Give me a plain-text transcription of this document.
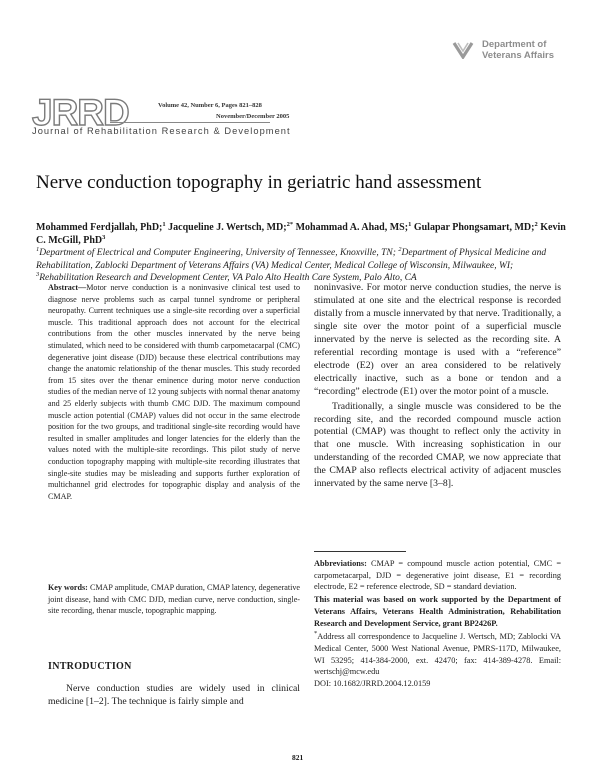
Department of
Veterans Affairs
JRRD	Volume 42, Number 6, Pages 821–828
November/December 2005
Journal of Rehabilitation Research & Development
Nerve conduction topography in geriatric hand assessment
Mohammed Ferdjallah, PhD;$^1$ Jacqueline J. Wertsch, MD;$^{2*}$ Mohammad A. Ahad, MS;$^1$ Gulapar Phongsamart, MD;$^2$ Kevin C. McGill, PhD$^3$
$^1$Department of Electrical and Computer Engineering, University of Tennessee, Knoxville, TN; $^2$Department of Physical Medicine and Rehabilitation, Zablocki Department of Veterans Affairs (VA) Medical Center, Medical College of Wisconsin, Milwaukee, WI; $^3$Rehabilitation Research and Development Center, VA Palo Alto Health Care System, Palo Alto, CA
Abstract—Motor nerve conduction is a noninvasive clinical test used to diagnose nerve problems such as carpal tunnel syndrome or peripheral neuropathy. Current techniques use a single-site recording over a superficial muscle. This traditional approach does not account for the electrical contributions from the other muscles innervated by the nerve being stimulated, which need to be considered with thumb carpometacarpal (CMC) degenerative joint disease (DJD) because these electrical contributions may change the anatomic relationship of the thenar muscles. This study recorded from 15 sites over the thenar eminence during motor nerve conduction studies of the median nerve of 12 young subjects with normal thenar anatomy and 25 elderly subjects with thumb CMC DJD. The maximum compound muscle action potential (CMAP) values did not occur in the same electrode position for the two groups, and traditional single-site recording would have resulted in smaller amplitudes and longer latencies for the elderly than the values noted with the multiple-site recordings. This pilot study of nerve conduction topography mapping with multiple-site recording illustrates that single-site studies may be misleading and supports further exploration of multichannel grid electrodes for topographic display and analysis of the CMAP.
Key words: CMAP amplitude, CMAP duration, CMAP latency, degenerative joint disease, hand with CMC DJD, median curve, nerve conduction, single-site recording, thenar muscle, topographic mapping.
INTRODUCTION
Nerve conduction studies are widely used in clinical medicine [1–2]. The technique is fairly simple and

noninvasive. For motor nerve conduction studies, the nerve is stimulated at one site and the electrical response is recorded distally from a muscle innervated by that nerve. Traditionally, a single site over the motor point of a superficial muscle innervated by the nerve is selected as the recording site. A referential recording montage is used with a “reference” electrode (E2) over an area considered to be relatively electrically inactive, such as a bone or tendon and a “recording” electrode (E1) over the motor point of a muscle.

Traditionally, a single muscle was considered to be the recording site, and the recorded compound muscle action potential (CMAP) was thought to reflect only the activity in that one muscle. With increasing sophistication in our understanding of the recorded CMAP, we now appreciate that the CMAP also reflects electrical activity of adjacent muscles innervated by the same nerve [3–8].

Abbreviations: CMAP = compound muscle action potential, CMC = carpometacarpal, DJD = degenerative joint disease, E1 = recording electrode, E2 = reference electrode, SD = standard deviation.

This material was based on work supported by the Department of Veterans Affairs, Veterans Health Administration, Rehabilitation Research and Development Service, grant BP2426P.

*Address all correspondence to Jacqueline J. Wertsch, MD; Zablocki VA Medical Center, 5000 West National Avenue, PMRS-117D, Milwaukee, WI 53295; 414-384-2000, ext. 42470; fax: 414-389-4278. Email: wertschj@mcw.edu

DOI: 10.1682/JRRD.2004.12.0159

821
